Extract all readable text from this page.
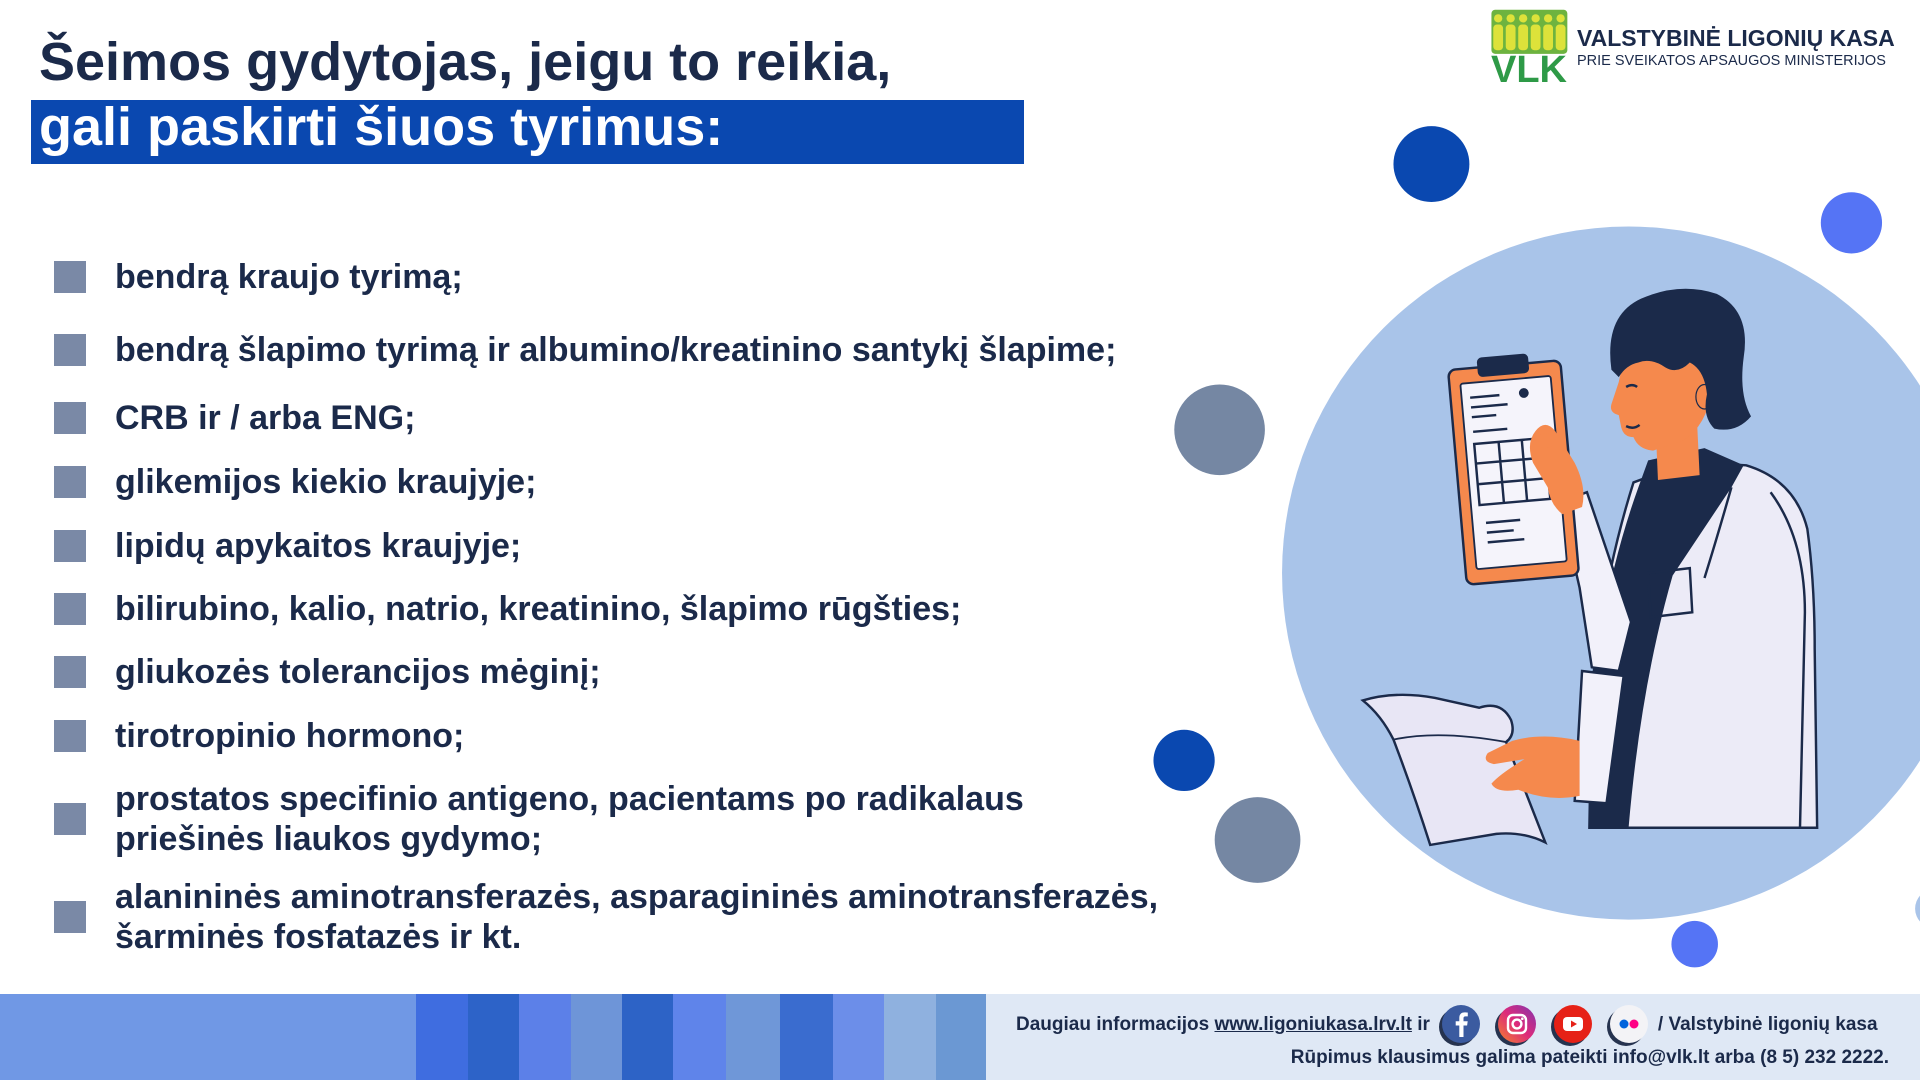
Šeimos gydytojas, jeigu to reikia,
gali paskirti šiuos tyrimus:
VLK
VALSTYBINĖ LIGONIŲ KASA
PRIE SVEIKATOS APSAUGOS MINISTERIJOS
bendrą kraujo tyrimą;
bendrą šlapimo tyrimą ir albumino/kreatinino santykį šlapime;
CRB ir / arba ENG;
glikemijos kiekio kraujyje;
lipidų apykaitos kraujyje;
bilirubino, kalio, natrio, kreatinino, šlapimo rūgšties;
gliukozės tolerancijos mėginį;
tirotropinio hormono;
prostatos specifinio antigeno, pacientams po radikalaus
priešinės liaukos gydymo;
alanininės aminotransferazės, asparagininės aminotransferazės,
šarminės fosfatazės ir kt.
Daugiau informacijos www.ligoniukasa.lrv.lt ir	/ Valstybinė ligonių kasa
Rūpimus klausimus galima pateikti info@vlk.lt arba (8 5) 232 2222.
